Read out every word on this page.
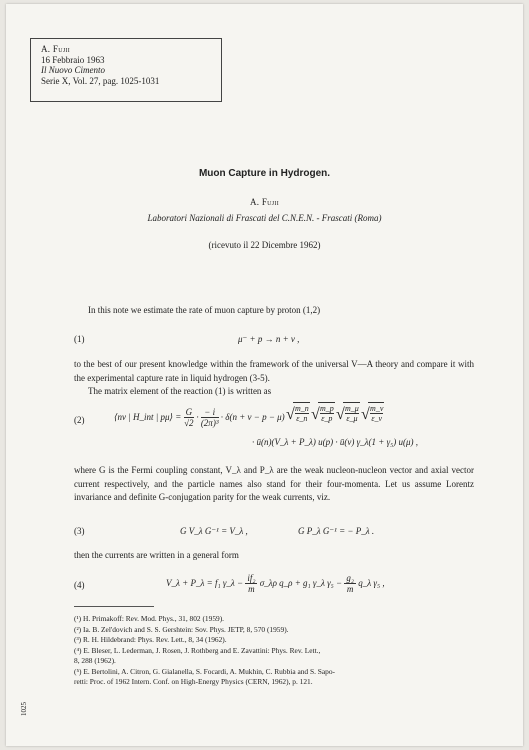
A. Fujii
16 Febbraio 1963
Il Nuovo Cimento
Serie X, Vol. 27, pag. 1025-1031
Muon Capture in Hydrogen.
A. Fujii
Laboratori Nazionali di Frascati del C.N.E.N. - Frascati (Roma)
(ricevuto il 22 Dicembre 1962)
In this note we estimate the rate of muon capture by proton (1,2)
(1)	μ⁻ + p → n + ν ,
to the best of our present knowledge within the framework of the universal V—A theory and compare it with the experimental capture rate in liquid hydrogen (3-5).
The matrix element of the reaction (1) is written as
(2)	⟨nν | H_int | pμ⟩ = $\frac{G}{√2} \cdot \frac{- i}{\text{(2π)³}} \cdot \delta(n + \nu - p - \mu)$ √
$\frac{m\_n}{\varepsilon\_n}$
√
$\frac{m\_p}{\varepsilon\_p}$
√
$\frac{m\_\mu}{\varepsilon\_\mu}$
√
$\frac{m\_\nu}{\varepsilon\_\nu}$
· ū(n)(V_λ + P_λ) u(p) · ū(ν) γ_λ(1 + γ₅) u(μ) ,
where G is the Fermi coupling constant, V_λ and P_λ are the weak nucleon-nucleon vector and axial vector current respectively, and the particle names also stand for their four-momenta. Let us assume Lorentz invariance and definite G-conjugation parity for the weak currents, viz.
(3)	G V_λ G⁻¹ = V_λ ,	G P_λ G⁻¹ = − P_λ .
then the currents are written in a general form
(4)	V_λ + P_λ = f₁ γ_λ − $\frac{\text{if₂}}{m}$ σ_λρ q_ρ + g₁ γ_λ $\gamma_5 - \frac{\text{g₂}}{m}$ q_λ γ₅ ,
(¹) H. Primakoff: Rev. Mod. Phys., 31, 802 (1959).
(²) Ia. B. Zel'dovich and S. S. Gershtein: Sov. Phys. JETP, 8, 570 (1959).
(³) R. H. Hildebrand: Phys. Rev. Lett., 8, 34 (1962).
(⁴) E. Bleser, L. Lederman, J. Rosen, J. Rothberg and E. Zavattini: Phys. Rev. Lett.,
8, 288 (1962).
(⁵) E. Bertolini, A. Citron, G. Gialanella, S. Focardi, A. Mukhin, C. Rubbia and S. Sapo-
retti: Proc. of 1962 Intern. Conf. on High-Energy Physics (CERN, 1962), p. 121.
1025
